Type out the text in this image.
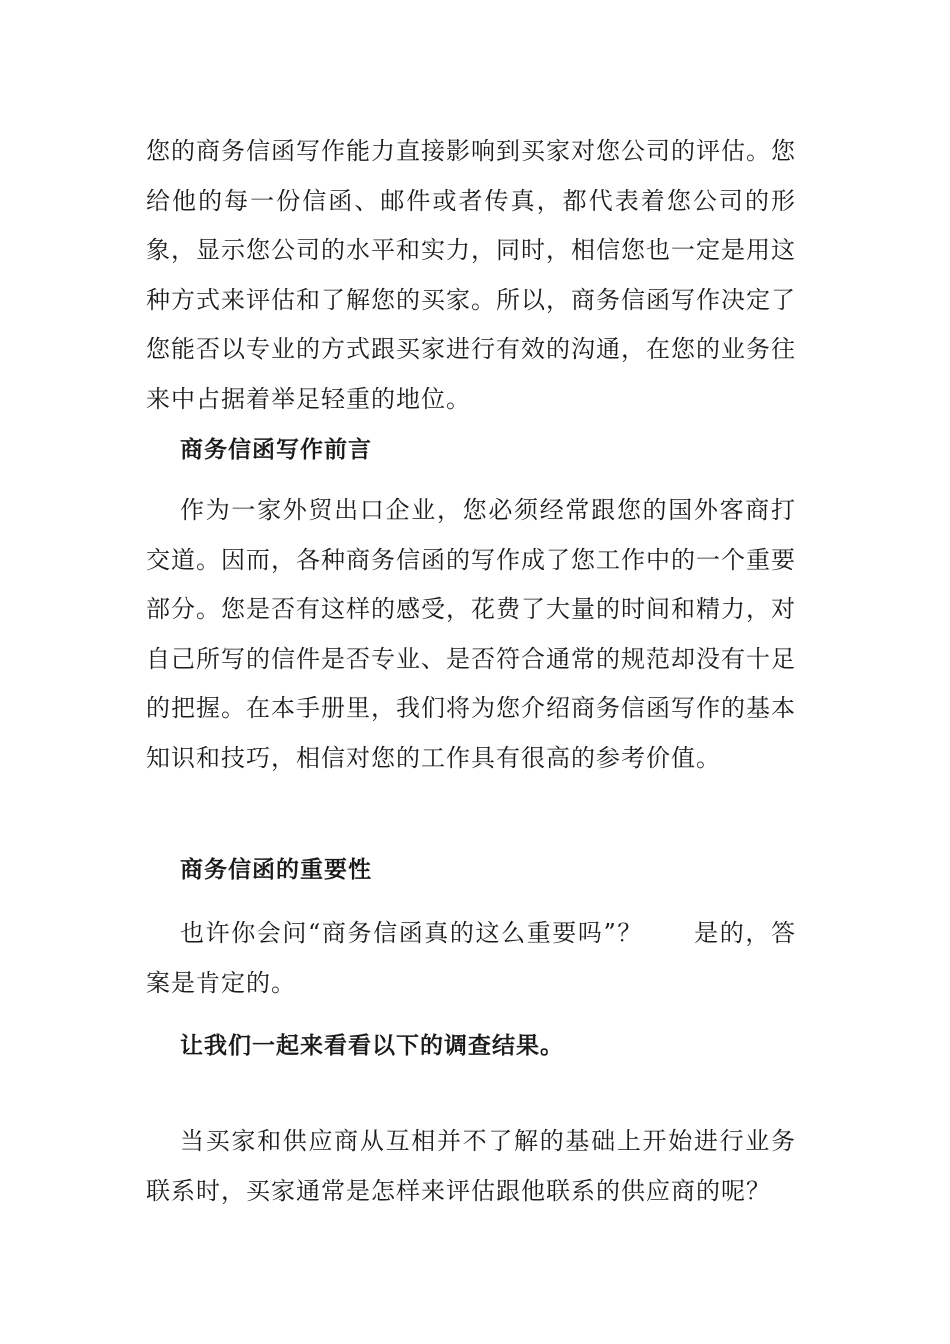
您的商务信函写作能力直接影响到买家对您公司的评估。您给他的每一份信函、邮件或者传真，都代表着您公司的形象，显示您公司的水平和实力，同时，相信您也一定是用这种方式来评估和了解您的买家。所以，商务信函写作决定了您能否以专业的方式跟买家进行有效的沟通，在您的业务往来中占据着举足轻重的地位。

商务信函写作前言

作为一家外贸出口企业，您必须经常跟您的国外客商打交道。因而，各种商务信函的写作成了您工作中的一个重要部分。您是否有这样的感受，花费了大量的时间和精力，对自己所写的信件是否专业、是否符合通常的规范却没有十足的把握。在本手册里，我们将为您介绍商务信函写作的基本知识和技巧，相信对您的工作具有很高的参考价值。

商务信函的重要性

也许你会问“商务信函真的这么重要吗”？　　是的，答案是肯定的。

让我们一起来看看以下的调查结果。

当买家和供应商从互相并不了解的基础上开始进行业务联系时，买家通常是怎样来评估跟他联系的供应商的呢？
